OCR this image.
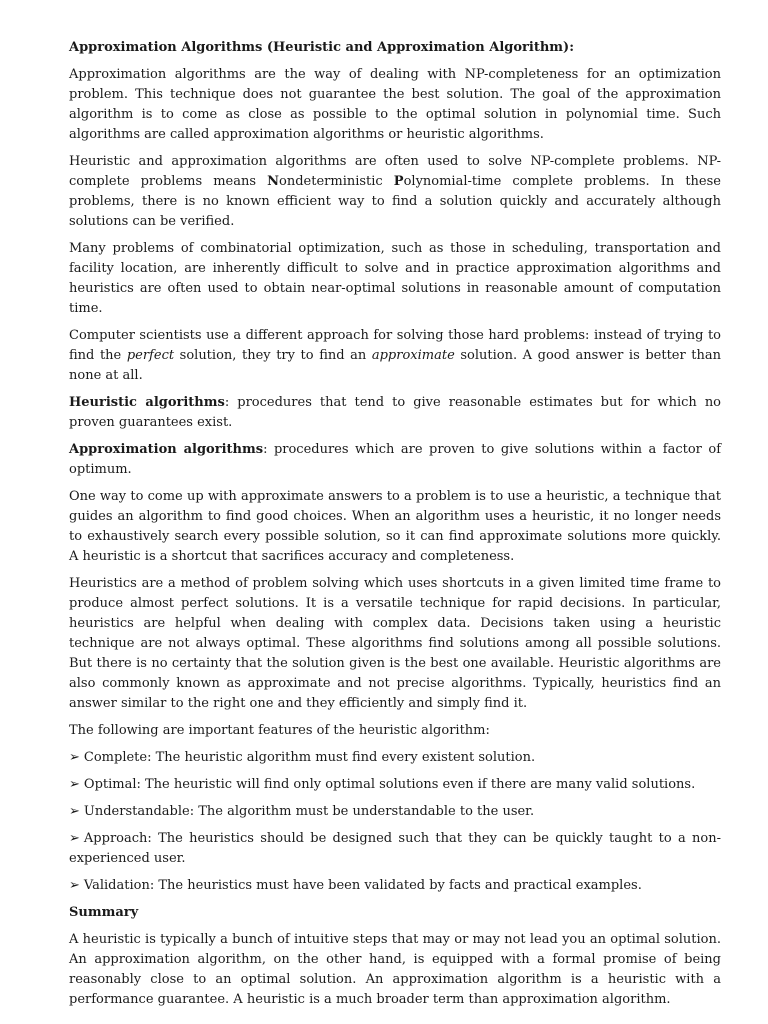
Approximation Algorithms (Heuristic and Approximation Algorithm):

Approximation algorithms are the way of dealing with NP-completeness for an optimization problem. This technique does not guarantee the best solution. The goal of the approximation algorithm is to come as close as possible to the optimal solution in polynomial time. Such algorithms are called approximation algorithms or heuristic algorithms.

Heuristic and approximation algorithms are often used to solve NP-complete problems. NP-complete problems means Nondeterministic Polynomial-time complete problems. In these problems, there is no known efficient way to find a solution quickly and accurately although solutions can be verified.

Many problems of combinatorial optimization, such as those in scheduling, transportation and facility location, are inherently difficult to solve and in practice approximation algorithms and heuristics are often used to obtain near-optimal solutions in reasonable amount of computation time.

Computer scientists use a different approach for solving those hard problems: instead of trying to find the perfect solution, they try to find an approximate solution. A good answer is better than none at all.

Heuristic algorithms: procedures that tend to give reasonable estimates but for which no proven guarantees exist.

Approximation algorithms: procedures which are proven to give solutions within a factor of optimum.

One way to come up with approximate answers to a problem is to use a heuristic, a technique that guides an algorithm to find good choices. When an algorithm uses a heuristic, it no longer needs to exhaustively search every possible solution, so it can find approximate solutions more quickly. A heuristic is a shortcut that sacrifices accuracy and completeness.

Heuristics are a method of problem solving which uses shortcuts in a given limited time frame to produce almost perfect solutions. It is a versatile technique for rapid decisions. In particular, heuristics are helpful when dealing with complex data. Decisions taken using a heuristic technique are not always optimal. These algorithms find solutions among all possible solutions. But there is no certainty that the solution given is the best one available. Heuristic algorithms are also commonly known as approximate and not precise algorithms. Typically, heuristics find an answer similar to the right one and they efficiently and simply find it.

The following are important features of the heuristic algorithm:

➢ Complete: The heuristic algorithm must find every existent solution.
➢ Optimal: The heuristic will find only optimal solutions even if there are many valid solutions.
➢ Understandable: The algorithm must be understandable to the user.
➢ Approach: The heuristics should be designed such that they can be quickly taught to a non-experienced user.
➢ Validation: The heuristics must have been validated by facts and practical examples.
Summary

A heuristic is typically a bunch of intuitive steps that may or may not lead you an optimal solution. An approximation algorithm, on the other hand, is equipped with a formal promise of being reasonably close to an optimal solution. An approximation algorithm is a heuristic with a performance guarantee. A heuristic is a much broader term than approximation algorithm.
